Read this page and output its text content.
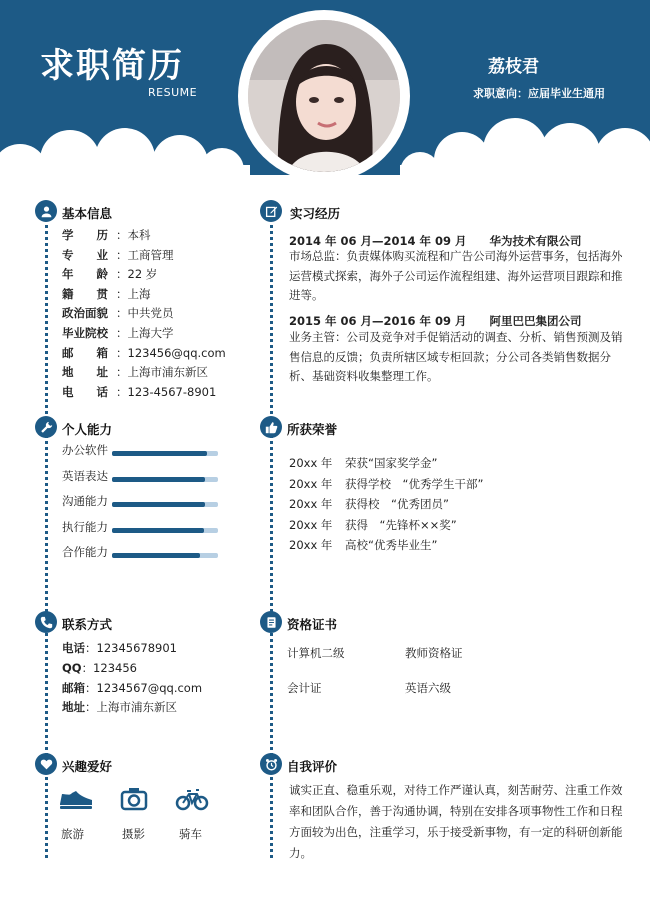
求职简历
RESUME
荔枝君
求职意向：应届毕业生通用
基本信息
学　　历 ：本科
专　　业 ：工商管理
年　　龄 ：22 岁
籍　　贯 ：上海
政治面貌 ：中共党员
毕业院校 ：上海大学
邮　　箱 ：123456@qq.com
地　　址 ：上海市浦东新区
电　　话 ：123-4567-8901
个人能力
办公软件
英语表达
沟通能力
执行能力
合作能力
联系方式
电话：12345678901
QQ：123456
邮箱：1234567@qq.com
地址：上海市浦东新区
兴趣爱好
旅游	摄影	骑车
实习经历
2014 年 06 月—2014 年 09 月　　华为技术有限公司
市场总监：负责媒体购买流程和广告公司海外运营事务，包括海外运营模式探索，海外子公司运作流程组建、海外运营项目跟踪和推进等。
2015 年 06 月—2016 年 09 月　　阿里巴巴集团公司
业务主管：公司及竞争对手促销活动的调查、分析、销售预测及销售信息的反馈；负责所辖区域专柜回款；分公司各类销售数据分析、基础资料收集整理工作。
所获荣誉
20xx 年 荣获“国家奖学金”
20xx 年 获得学校　“优秀学生干部”
20xx 年 获得校　“优秀团员”
20xx 年 获得　“先锋杯××奖”
20xx 年 高校“优秀毕业生”
资格证书
计算机二级	教师资格证
会计证	英语六级
自我评价
诚实正直、稳重乐观，对待工作严谨认真，刻苦耐劳、注重工作效率和团队合作，善于沟通协调，特别在安排各项事物性工作和日程方面较为出色，注重学习，乐于接受新事物，有一定的科研创新能力。
